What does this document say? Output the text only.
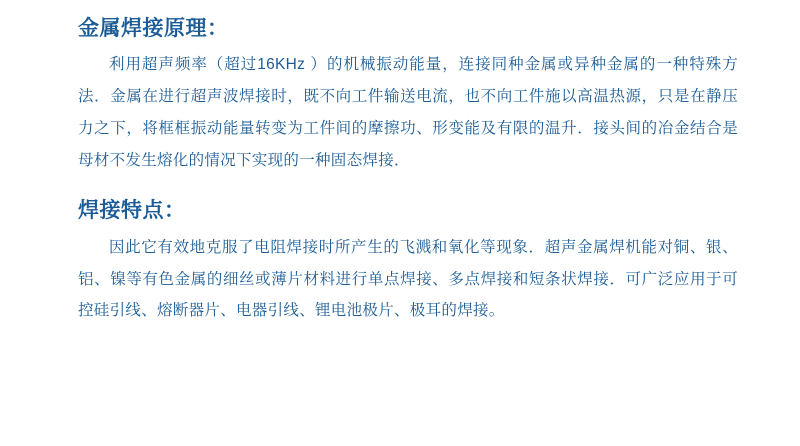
金属焊接原理：

利用超声频率（超过16KHz ）的机械振动能量，连接同种金属或异种金属的一种特殊方法．金属在进行超声波焊接时，既不向工件输送电流，也不向工件施以高温热源，只是在静压力之下，将框框振动能量转变为工件间的摩擦功、形变能及有限的温升．接头间的冶金结合是母材不发生熔化的情况下实现的一种固态焊接．

焊接特点：

因此它有效地克服了电阻焊接时所产生的飞溅和氧化等现象．超声金属焊机能对铜、银、铝、镍等有色金属的细丝或薄片材料进行单点焊接、多点焊接和短条状焊接．可广泛应用于可控硅引线、熔断器片、电器引线、锂电池极片、极耳的焊接。
